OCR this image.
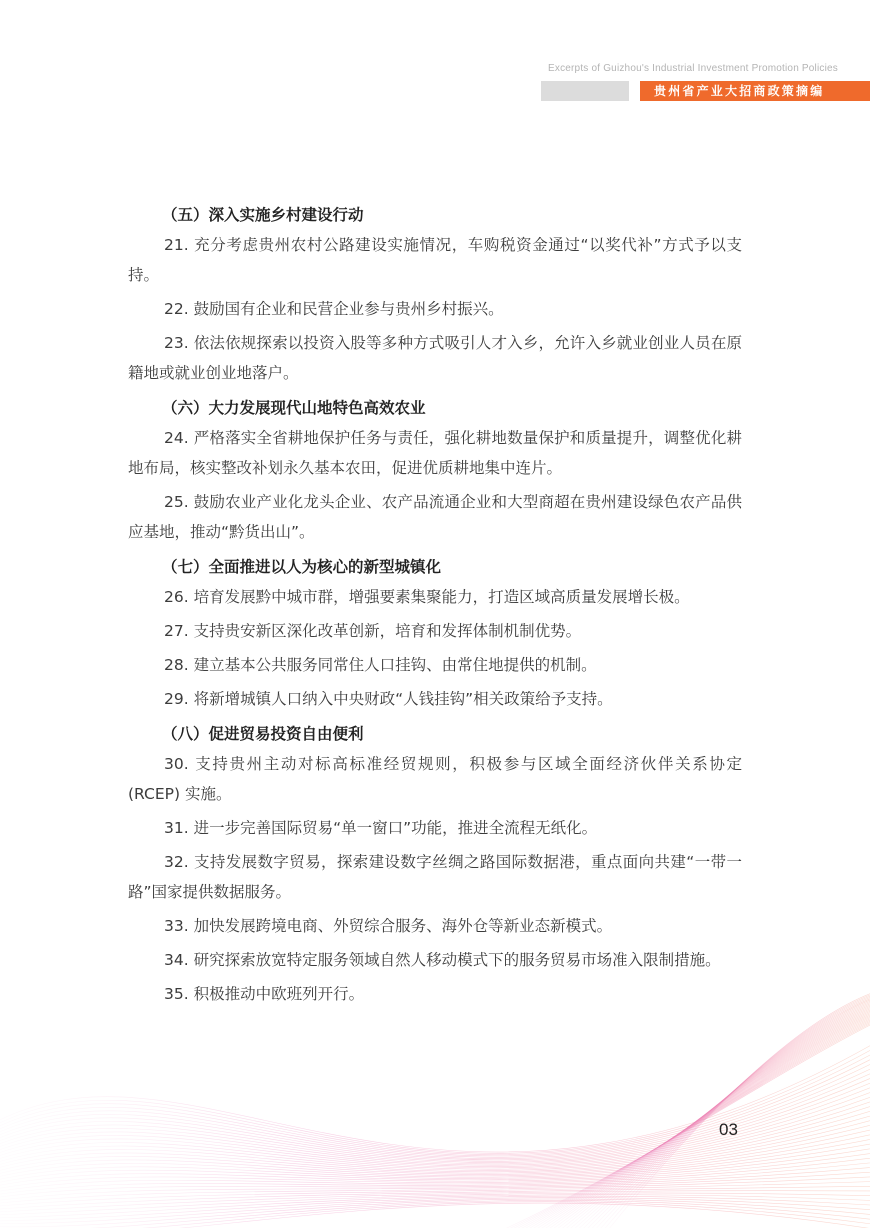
Excerpts of Guizhou's Industrial Investment Promotion Policies
贵州省产业大招商政策摘编

（五）深入实施乡村建设行动

21. 充分考虑贵州农村公路建设实施情况，车购税资金通过“以奖代补”方式予以支持。

22. 鼓励国有企业和民营企业参与贵州乡村振兴。

23. 依法依规探索以投资入股等多种方式吸引人才入乡，允许入乡就业创业人员在原籍地或就业创业地落户。

（六）大力发展现代山地特色高效农业

24. 严格落实全省耕地保护任务与责任，强化耕地数量保护和质量提升，调整优化耕地布局，核实整改补划永久基本农田，促进优质耕地集中连片。

25. 鼓励农业产业化龙头企业、农产品流通企业和大型商超在贵州建设绿色农产品供应基地，推动“黔货出山”。

（七）全面推进以人为核心的新型城镇化

26. 培育发展黔中城市群，增强要素集聚能力，打造区域高质量发展增长极。

27. 支持贵安新区深化改革创新，培育和发挥体制机制优势。

28. 建立基本公共服务同常住人口挂钩、由常住地提供的机制。

29. 将新增城镇人口纳入中央财政“人钱挂钩”相关政策给予支持。

（八）促进贸易投资自由便利

30. 支持贵州主动对标高标准经贸规则，积极参与区域全面经济伙伴关系协定 (RCEP) 实施。

31. 进一步完善国际贸易“单一窗口”功能，推进全流程无纸化。

32. 支持发展数字贸易，探索建设数字丝绸之路国际数据港，重点面向共建“一带一路”国家提供数据服务。

33. 加快发展跨境电商、外贸综合服务、海外仓等新业态新模式。

34. 研究探索放宽特定服务领域自然人移动模式下的服务贸易市场准入限制措施。

35. 积极推动中欧班列开行。

03
